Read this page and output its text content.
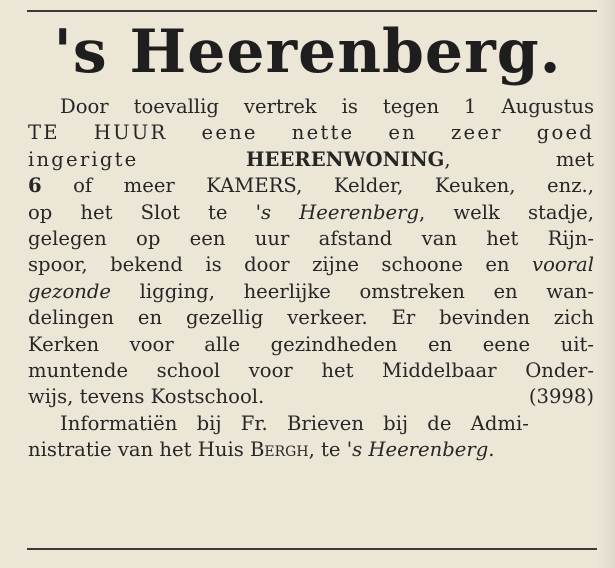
's Heerenberg.
Door toevallig vertrek is tegen 1 Augustus
TE HUUR eene nette en zeer goed
ingerigte HEERENWONING, met
6 of meer KAMERS, Kelder, Keuken, enz.,
op het Slot te 's Heerenberg, welk stadje,
gelegen op een uur afstand van het Rijn-
spoor, bekend is door zijne schoone en vooral
gezonde ligging, heerlijke omstreken en wan-
delingen en gezellig verkeer. Er bevinden zich
Kerken voor alle gezindheden en eene uit-
muntende school voor het Middelbaar Onder-
wijs, tevens Kostschool.	(3998)
Informatiën bij Fr. Brieven bij de Admi-
nistratie van het Huis Bergh, te 's Heerenberg.
